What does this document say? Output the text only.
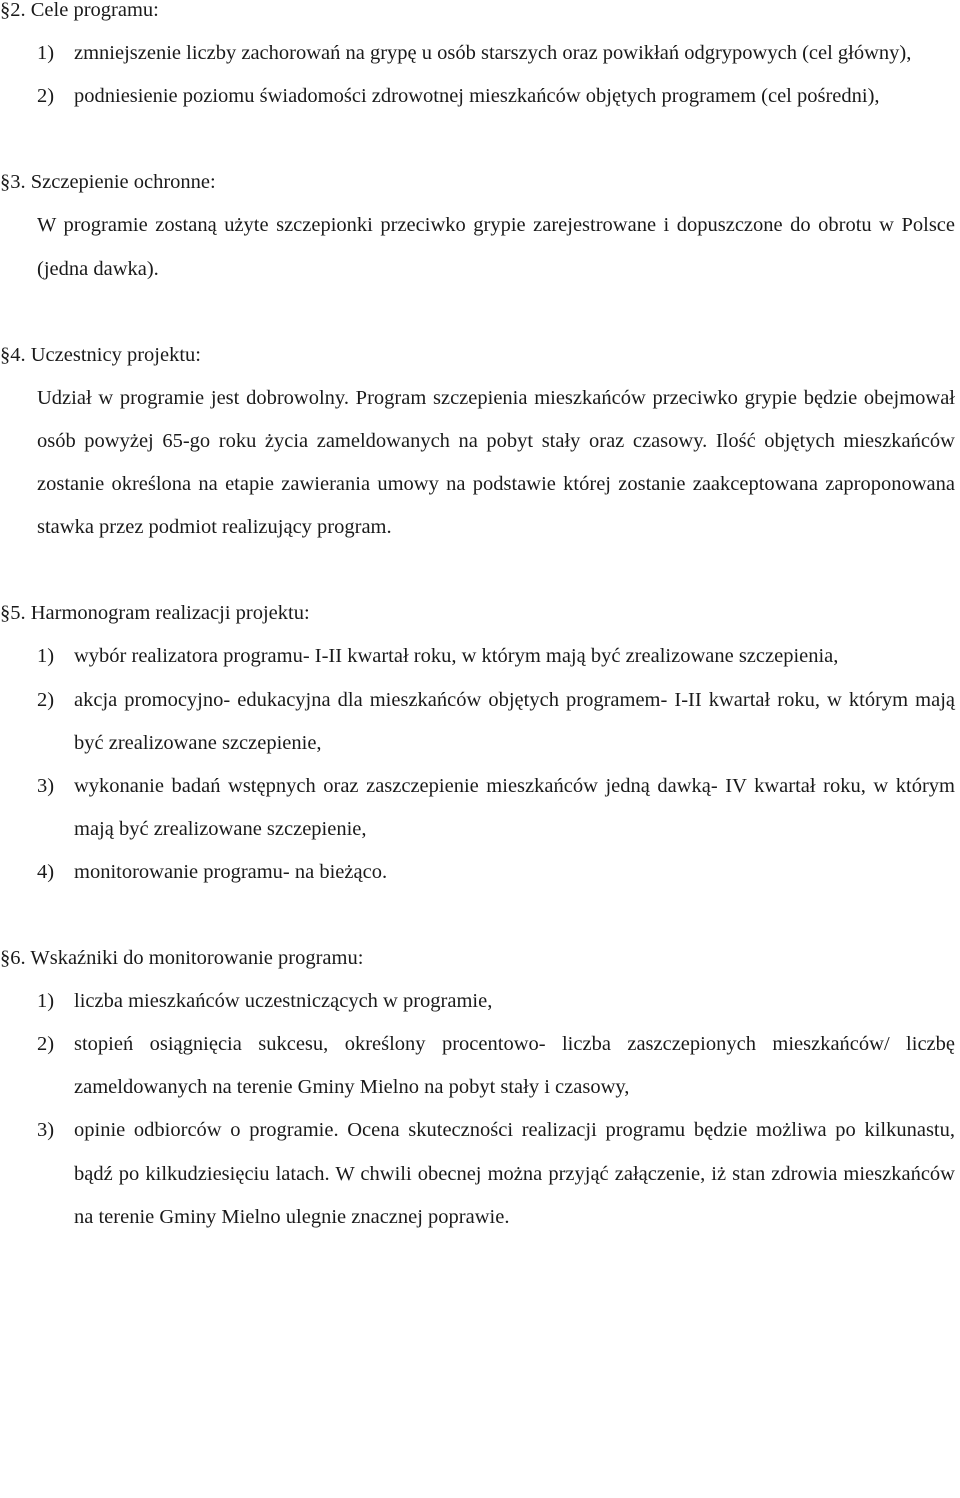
§2. Cele programu:
1) zmniejszenie liczby zachorowań na grypę u osób starszych oraz powikłań odgrypowych (cel główny),
2) podniesienie poziomu świadomości zdrowotnej mieszkańców objętych programem (cel pośredni),
§3. Szczepienie ochronne:

W programie zostaną użyte szczepionki przeciwko grypie zarejestrowane i dopuszczone do obrotu w Polsce (jedna dawka).

§4. Uczestnicy projektu:

Udział w programie jest dobrowolny. Program szczepienia mieszkańców przeciwko grypie będzie obejmował osób powyżej 65-go roku życia zameldowanych na pobyt stały oraz czasowy. Ilość objętych mieszkańców zostanie określona na etapie zawierania umowy na podstawie której zostanie zaakceptowana zaproponowana stawka przez podmiot realizujący program.

§5. Harmonogram realizacji projektu:
1) wybór realizatora programu- I-II kwartał roku, w którym mają być zrealizowane szczepienia,
2) akcja promocyjno- edukacyjna dla mieszkańców objętych programem- I-II kwartał roku, w którym mają być zrealizowane szczepienie,
3) wykonanie badań wstępnych oraz zaszczepienie mieszkańców jedną dawką- IV kwartał roku, w którym mają być zrealizowane szczepienie,
4) monitorowanie programu- na bieżąco.
§6. Wskaźniki do monitorowanie programu:
1) liczba mieszkańców uczestniczących w programie,
2) stopień osiągnięcia sukcesu, określony procentowo- liczba zaszczepionych mieszkańców/ liczbę zameldowanych na terenie Gminy Mielno na pobyt stały i czasowy,
3) opinie odbiorców o programie. Ocena skuteczności realizacji programu będzie możliwa po kilkunastu, bądź po kilkudziesięciu latach. W chwili obecnej można przyjąć załączenie, iż stan zdrowia mieszkańców na terenie Gminy Mielno ulegnie znacznej poprawie.
